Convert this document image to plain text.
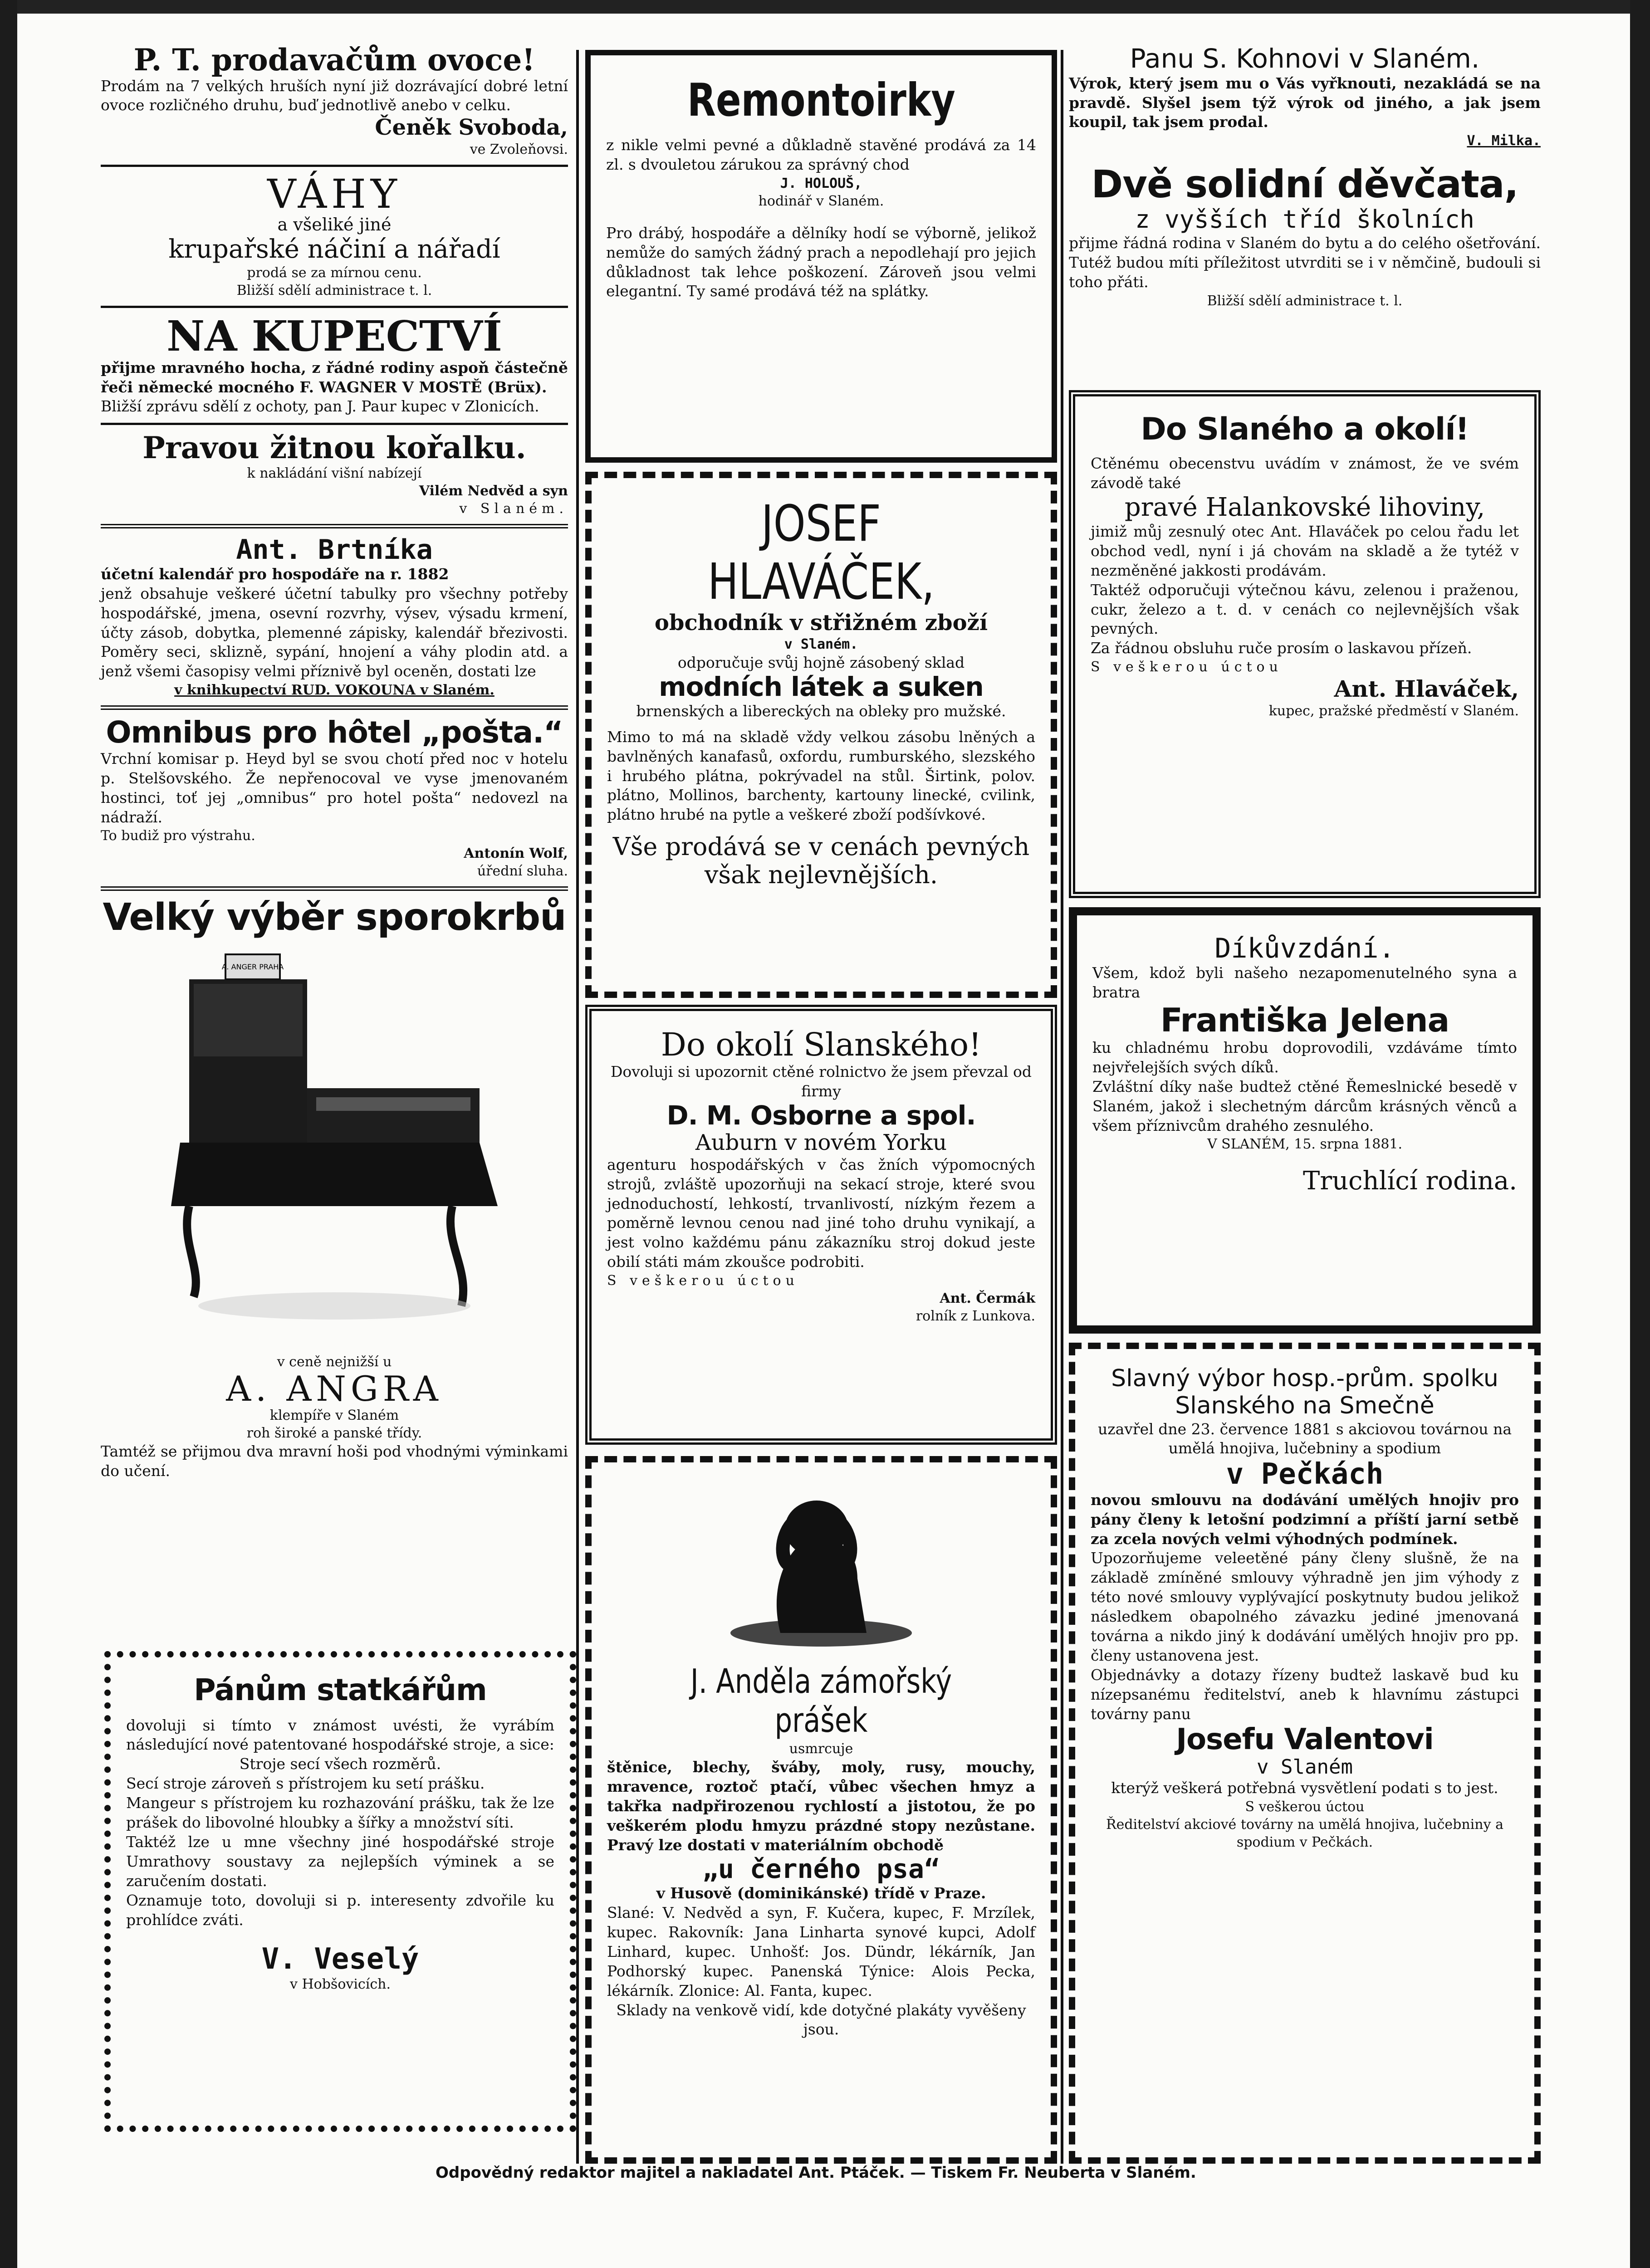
P. T. prodavačům ovoce!
Prodám na 7 velkých hruších nyní již dozrávající dobré letní ovoce rozličného druhu, buď jednotlivě anebo v celku.
Čeněk Svoboda,
ve Zvoleňovsi.
VÁHY
a všeliké jiné
krupařské náčiní a nářadí
prodá se za mírnou cenu.
Bližší sdělí administrace t. l.
NA KUPECTVÍ
přijme mravného hocha, z řádné rodiny aspoň částečně řeči německé mocného F. WAGNER V MOSTĚ (Brüx).
Bližší zprávu sdělí z ochoty, pan J. Paur kupec v Zlonicích.
Pravou žitnou kořalku.
k nakládání višní nabízejí
Vilém Nedvěd a syn
v Slaném.
Ant. Brtníka
účetní kalendář pro hospodáře na r. 1882
jenž obsahuje veškeré účetní tabulky pro všechny potřeby hospodářské, jmena, osevní rozvrhy, výsev, výsadu krmení, účty zásob, dobytka, plemenné zápisky, kalendář březivosti. Poměry seci, sklizně, sypání, hnojení a váhy plodin atd. a jenž všemi časopisy velmi příznivě byl oceněn, dostati lze
v knihkupectví RUD. VOKOUNA v Slaném.
Omnibus pro hôtel „pošta.“
Vrchní komisar p. Heyd byl se svou chotí před noc v hotelu p. Stelšovského. Že nepřenocoval ve vyse jmenovaném hostinci, toť jej „omnibus“ pro hotel pošta“ nedovezl na nádraží.
To budiž pro výstrahu.
Antonín Wolf,
úřední sluha.
Velký výběr sporokrbů
A. ANGER PRAHA
v ceně nejnižší u
A. ANGRA
klempíře v Slaném
roh široké a panské třídy.
Tamtéž se přijmou dva mravní hoši pod vhodnými výminkami do učení.
Pánům statkářům
dovoluji si tímto v známost uvésti, že vyrábím následující nové patentované hospodářské stroje, a sice:
Stroje secí všech rozměrů.
Secí stroje zároveň s přístrojem ku setí prášku.
Mangeur s přístrojem ku rozhazování prášku, tak že lze prášek do libovolné hloubky a šířky a množství síti.
Taktéž lze u mne všechny jiné hospodářské stroje Umrathovy soustavy za nejlepších výminek a se zaručením dostati.
Oznamuje toto, dovoluji si p. interesenty zdvořile ku prohlídce zváti.
V. Veselý
v Hobšovicích.
Remontoirky
z nikle velmi pevné a důkladně stavěné prodává za 14 zl. s dvouletou zárukou za správný chod
J. HOLOUŠ,
hodinář v Slaném.
Pro drábý, hospodáře a dělníky hodí se výborně, jelikož nemůže do samých žádný prach a nepodlehají pro jejich důkladnost tak lehce poškození. Zároveň jsou velmi elegantní. Ty samé prodává též na splátky.
JOSEF HLAVÁČEK,
obchodník v střižném zboží
v Slaném.
odporučuje svůj hojně zásobený sklad
modních látek a suken
brnenských a libereckých na obleky pro mužské.
Mimo to má na skladě vždy velkou zásobu lněných a bavlněných kanafasů, oxfordu, rumburského, slezského i hrubého plátna, pokrývadel na stůl. Širtink, polov. plátno, Mollinos, barchenty, kartouny linecké, cvilink, plátno hrubé na pytle a veškeré zboží podšívkové.
Vše prodává se v cenách pevných však nejlevnějších.
Do okolí Slanského!
Dovoluji si upozornit ctěné rolnictvo že jsem převzal od firmy
D. M. Osborne a spol.
Auburn v novém Yorku
agenturu hospodářských v čas žních výpomocných strojů, zvláště upozorňuji na sekací stroje, které svou jednoduchostí, lehkostí, trvanlivostí, nízkým řezem a poměrně levnou cenou nad jiné toho druhu vynikají, a jest volno každému pánu zákazníku stroj dokud jeste obilí státi mám zkoušce podrobiti.
S veškerou úctou
Ant. Čermák
rolník z Lunkova.
J. Anděla zámořský prášek
usmrcuje
štěnice, blechy, šváby, moly, rusy, mouchy, mravence, roztoč ptačí, vůbec všechen hmyz a takřka nadpřirozenou rychlostí a jistotou, že po veškerém plodu hmyzu prázdné stopy nezůstane. Pravý lze dostati v materiálním obchodě
„u černého psa“
v Husově (dominikánské) třídě v Praze.
Slané: V. Nedvěd a syn, F. Kučera, kupec, F. Mrzílek, kupec. Rakovník: Jana Linharta synové kupci, Adolf Linhard, kupec. Unhošť: Jos. Dündr, lékárník, Jan Podhorský kupec. Panenská Týnice: Alois Pecka, lékárník. Zlonice: Al. Fanta, kupec.
Sklady na venkově vidí, kde dotyčné plakáty vyvěšeny jsou.
Panu S. Kohnovi v Slaném.
Výrok, který jsem mu o Vás vyřknouti, nezakládá se na pravdě. Slyšel jsem týž výrok od jiného, a jak jsem koupil, tak jsem prodal.
V. Milka.
Dvě solidní děvčata,
z vyšších tříd školních
přijme řádná rodina v Slaném do bytu a do celého ošetřování. Tutéž budou míti příležitost utvrditi se i v němčině, budouli si toho přáti.
Bližší sdělí administrace t. l.
Do Slaného a okolí!
Ctěnému obecenstvu uvádím v známost, že ve svém závodě také
pravé Halankovské lihoviny,
jimiž můj zesnulý otec Ant. Hlaváček po celou řadu let obchod vedl, nyní i já chovám na skladě a že tytéž v nezměněné jakkosti prodávám.
Taktéž odporučuji výtečnou kávu, zelenou i praženou, cukr, železo a t. d. v cenách co nejlevnějších však pevných.
Za řádnou obsluhu ruče prosím o laskavou přízeň.
S veškerou úctou
Ant. Hlaváček,
kupec, pražské předměstí v Slaném.
Díkůvzdání.
Všem, kdož byli našeho nezapomenutelného syna a bratra
Františka Jelena
ku chladnému hrobu doprovodili, vzdáváme tímto nejvřelejších svých díků.
Zvláštní díky naše budtež ctěné Řemeslnické besedě v Slaném, jakož i slechetným dárcům krásných věnců a všem příznivcům drahého zesnulého.
V SLANÉM, 15. srpna 1881.
Truchlící rodina.
Slavný výbor hosp.-prům. spolku Slanského na Smečně
uzavřel dne 23. července 1881 s akciovou továrnou na umělá hnojiva, lučebniny a spodium
v Pečkách
novou smlouvu na dodávání umělých hnojiv pro pány členy k letošní podzimní a příští jarní setbě za zcela nových velmi výhodných podmínek.
Upozorňujeme veleetěné pány členy slušně, že na základě zmíněné smlouvy výhradně jen jim výhody z této nové smlouvy vyplývající poskytnuty budou jelikož následkem obapolného závazku jediné jmenovaná továrna a nikdo jiný k dodávání umělých hnojiv pro pp. členy ustanovena jest.
Objednávky a dotazy řízeny budtež laskavě bud ku nízepsanému ředitelství, aneb k hlavnímu zástupci továrny panu
Josefu Valentovi
v Slaném
kterýž veškerá potřebná vysvětlení podati s to jest.
S veškerou úctou
Ředitelství akciové továrny na umělá hnojiva, lučebniny a spodium v Pečkách.
Odpovědný redaktor majitel a nakladatel Ant. Ptáček. — Tiskem Fr. Neuberta v Slaném.
